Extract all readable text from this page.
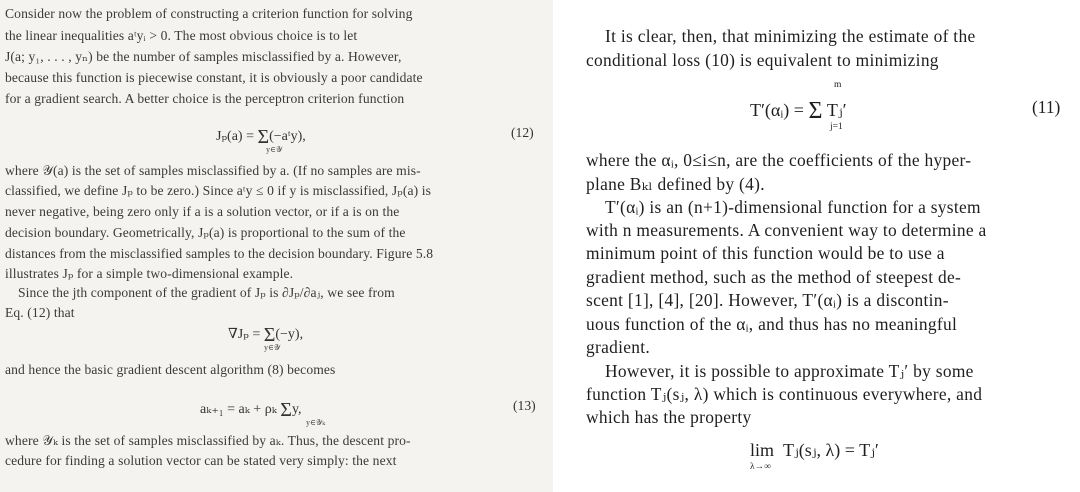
Consider now the problem of constructing a criterion function for solving
the linear inequalities aᵗyᵢ > 0. The most obvious choice is to let
J(a; y₁, . . . , yₙ) be the number of samples misclassified by a. However,
because this function is piecewise constant, it is obviously a poor candidate
for a gradient search. A better choice is the perceptron criterion function
Jₚ(a) = Σ(−aᵗy),
y∈𝒴
(12)
where 𝒴(a) is the set of samples misclassified by a. (If no samples are mis-
classified, we define Jₚ to be zero.) Since aᵗy ≤ 0 if y is misclassified, Jₚ(a) is
never negative, being zero only if a is a solution vector, or if a is on the
decision boundary. Geometrically, Jₚ(a) is proportional to the sum of the
distances from the misclassified samples to the decision boundary. Figure 5.8
illustrates Jₚ for a simple two-dimensional example.
Since the jth component of the gradient of Jₚ is ∂Jₚ/∂aⱼ, we see from
Eq. (12) that
∇Jₚ = Σ(−y),
y∈𝒴
and hence the basic gradient descent algorithm (8) becomes
aₖ₊₁ = aₖ + ρₖ Σy,
y∈𝒴ₖ
(13)
where 𝒴ₖ is the set of samples misclassified by aₖ. Thus, the descent pro-
cedure for finding a solution vector can be stated very simply: the next
It is clear, then, that minimizing the estimate of the
conditional loss (10) is equivalent to minimizing
m
T′(αᵢ) = Σ Tⱼ′
j=1
(11)
where the αᵢ, 0≤i≤n, are the coefficients of the hyper-
plane Bₖₗ defined by (4).
T′(αᵢ) is an (n+1)-dimensional function for a system
with n measurements. A convenient way to determine a
minimum point of this function would be to use a
gradient method, such as the method of steepest de-
scent [1], [4], [20]. However, T′(αᵢ) is a discontin-
uous function of the αᵢ, and thus has no meaningful
gradient.
However, it is possible to approximate Tⱼ′ by some
function Tⱼ(sⱼ, λ) which is continuous everywhere, and
which has the property
lim Tⱼ(sⱼ, λ) = Tⱼ′
λ→∞
